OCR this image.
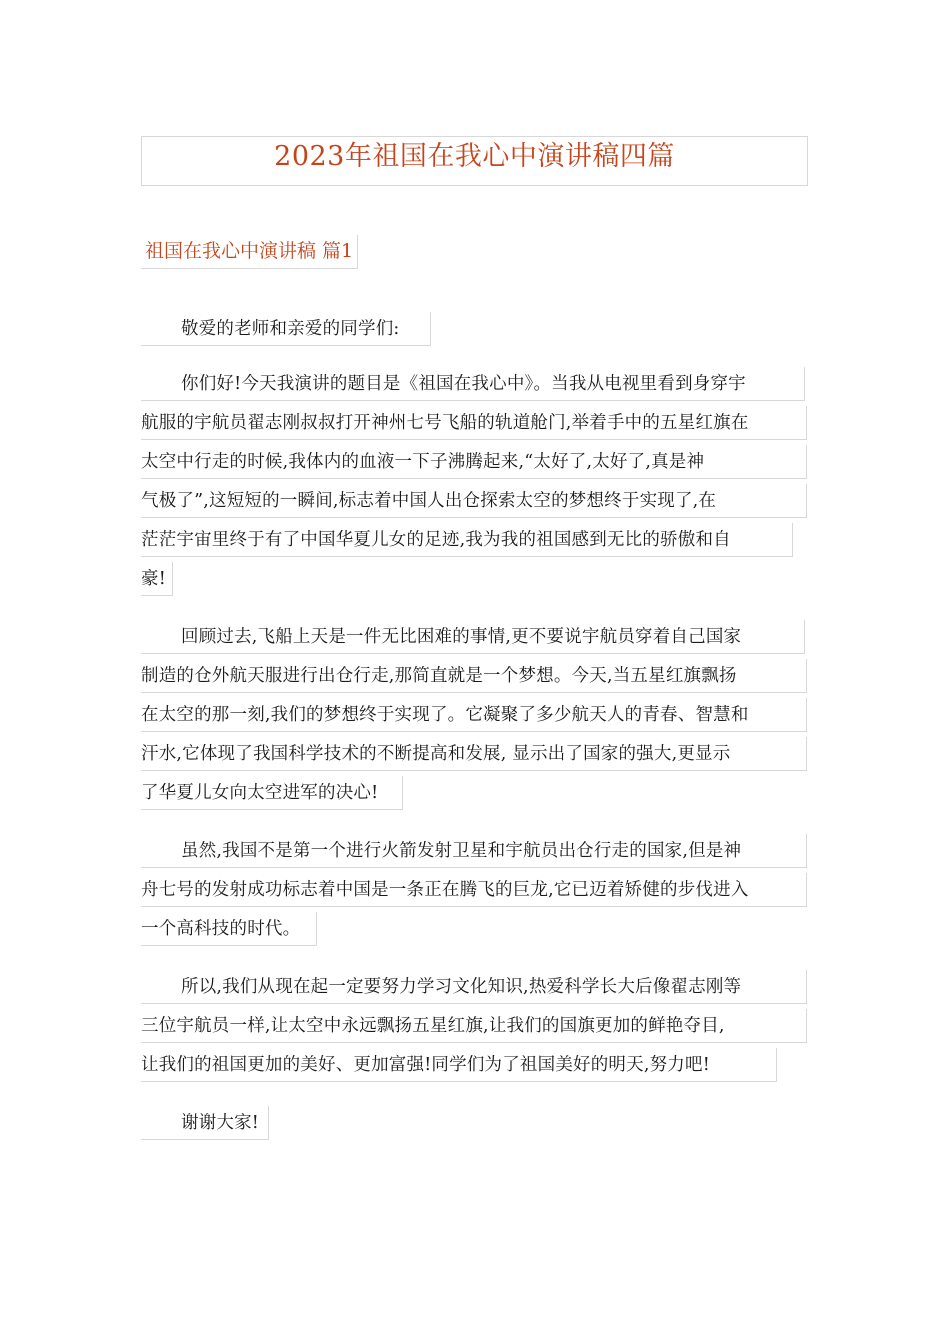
2023年祖国在我心中演讲稿四篇
祖国在我心中演讲稿 篇1
敬爱的老师和亲爱的同学们:
你们好!今天我演讲的题目是《祖国在我心中》。当我从电视里看到身穿宇
航服的宇航员翟志刚叔叔打开神州七号飞船的轨道舱门,举着手中的五星红旗在
太空中行走的时候,我体内的血液一下子沸腾起来,“太好了,太好了,真是神
气极了”,这短短的一瞬间,标志着中国人出仓探索太空的梦想终于实现了,在
茫茫宇宙里终于有了中国华夏儿女的足迹,我为我的祖国感到无比的骄傲和自
豪!
回顾过去,飞船上天是一件无比困难的事情,更不要说宇航员穿着自己国家
制造的仓外航天服进行出仓行走,那简直就是一个梦想。今天,当五星红旗飘扬
在太空的那一刻,我们的梦想终于实现了。它凝聚了多少航天人的青春、智慧和
汗水,它体现了我国科学技术的不断提高和发展, 显示出了国家的强大,更显示
了华夏儿女向太空进军的决心!
虽然,我国不是第一个进行火箭发射卫星和宇航员出仓行走的国家,但是神
舟七号的发射成功标志着中国是一条正在腾飞的巨龙,它已迈着矫健的步伐进入
一个高科技的时代。
所以,我们从现在起一定要努力学习文化知识,热爱科学长大后像翟志刚等
三位宇航员一样,让太空中永远飘扬五星红旗,让我们的国旗更加的鲜艳夺目,
让我们的祖国更加的美好、更加富强!同学们为了祖国美好的明天,努力吧!
谢谢大家!
